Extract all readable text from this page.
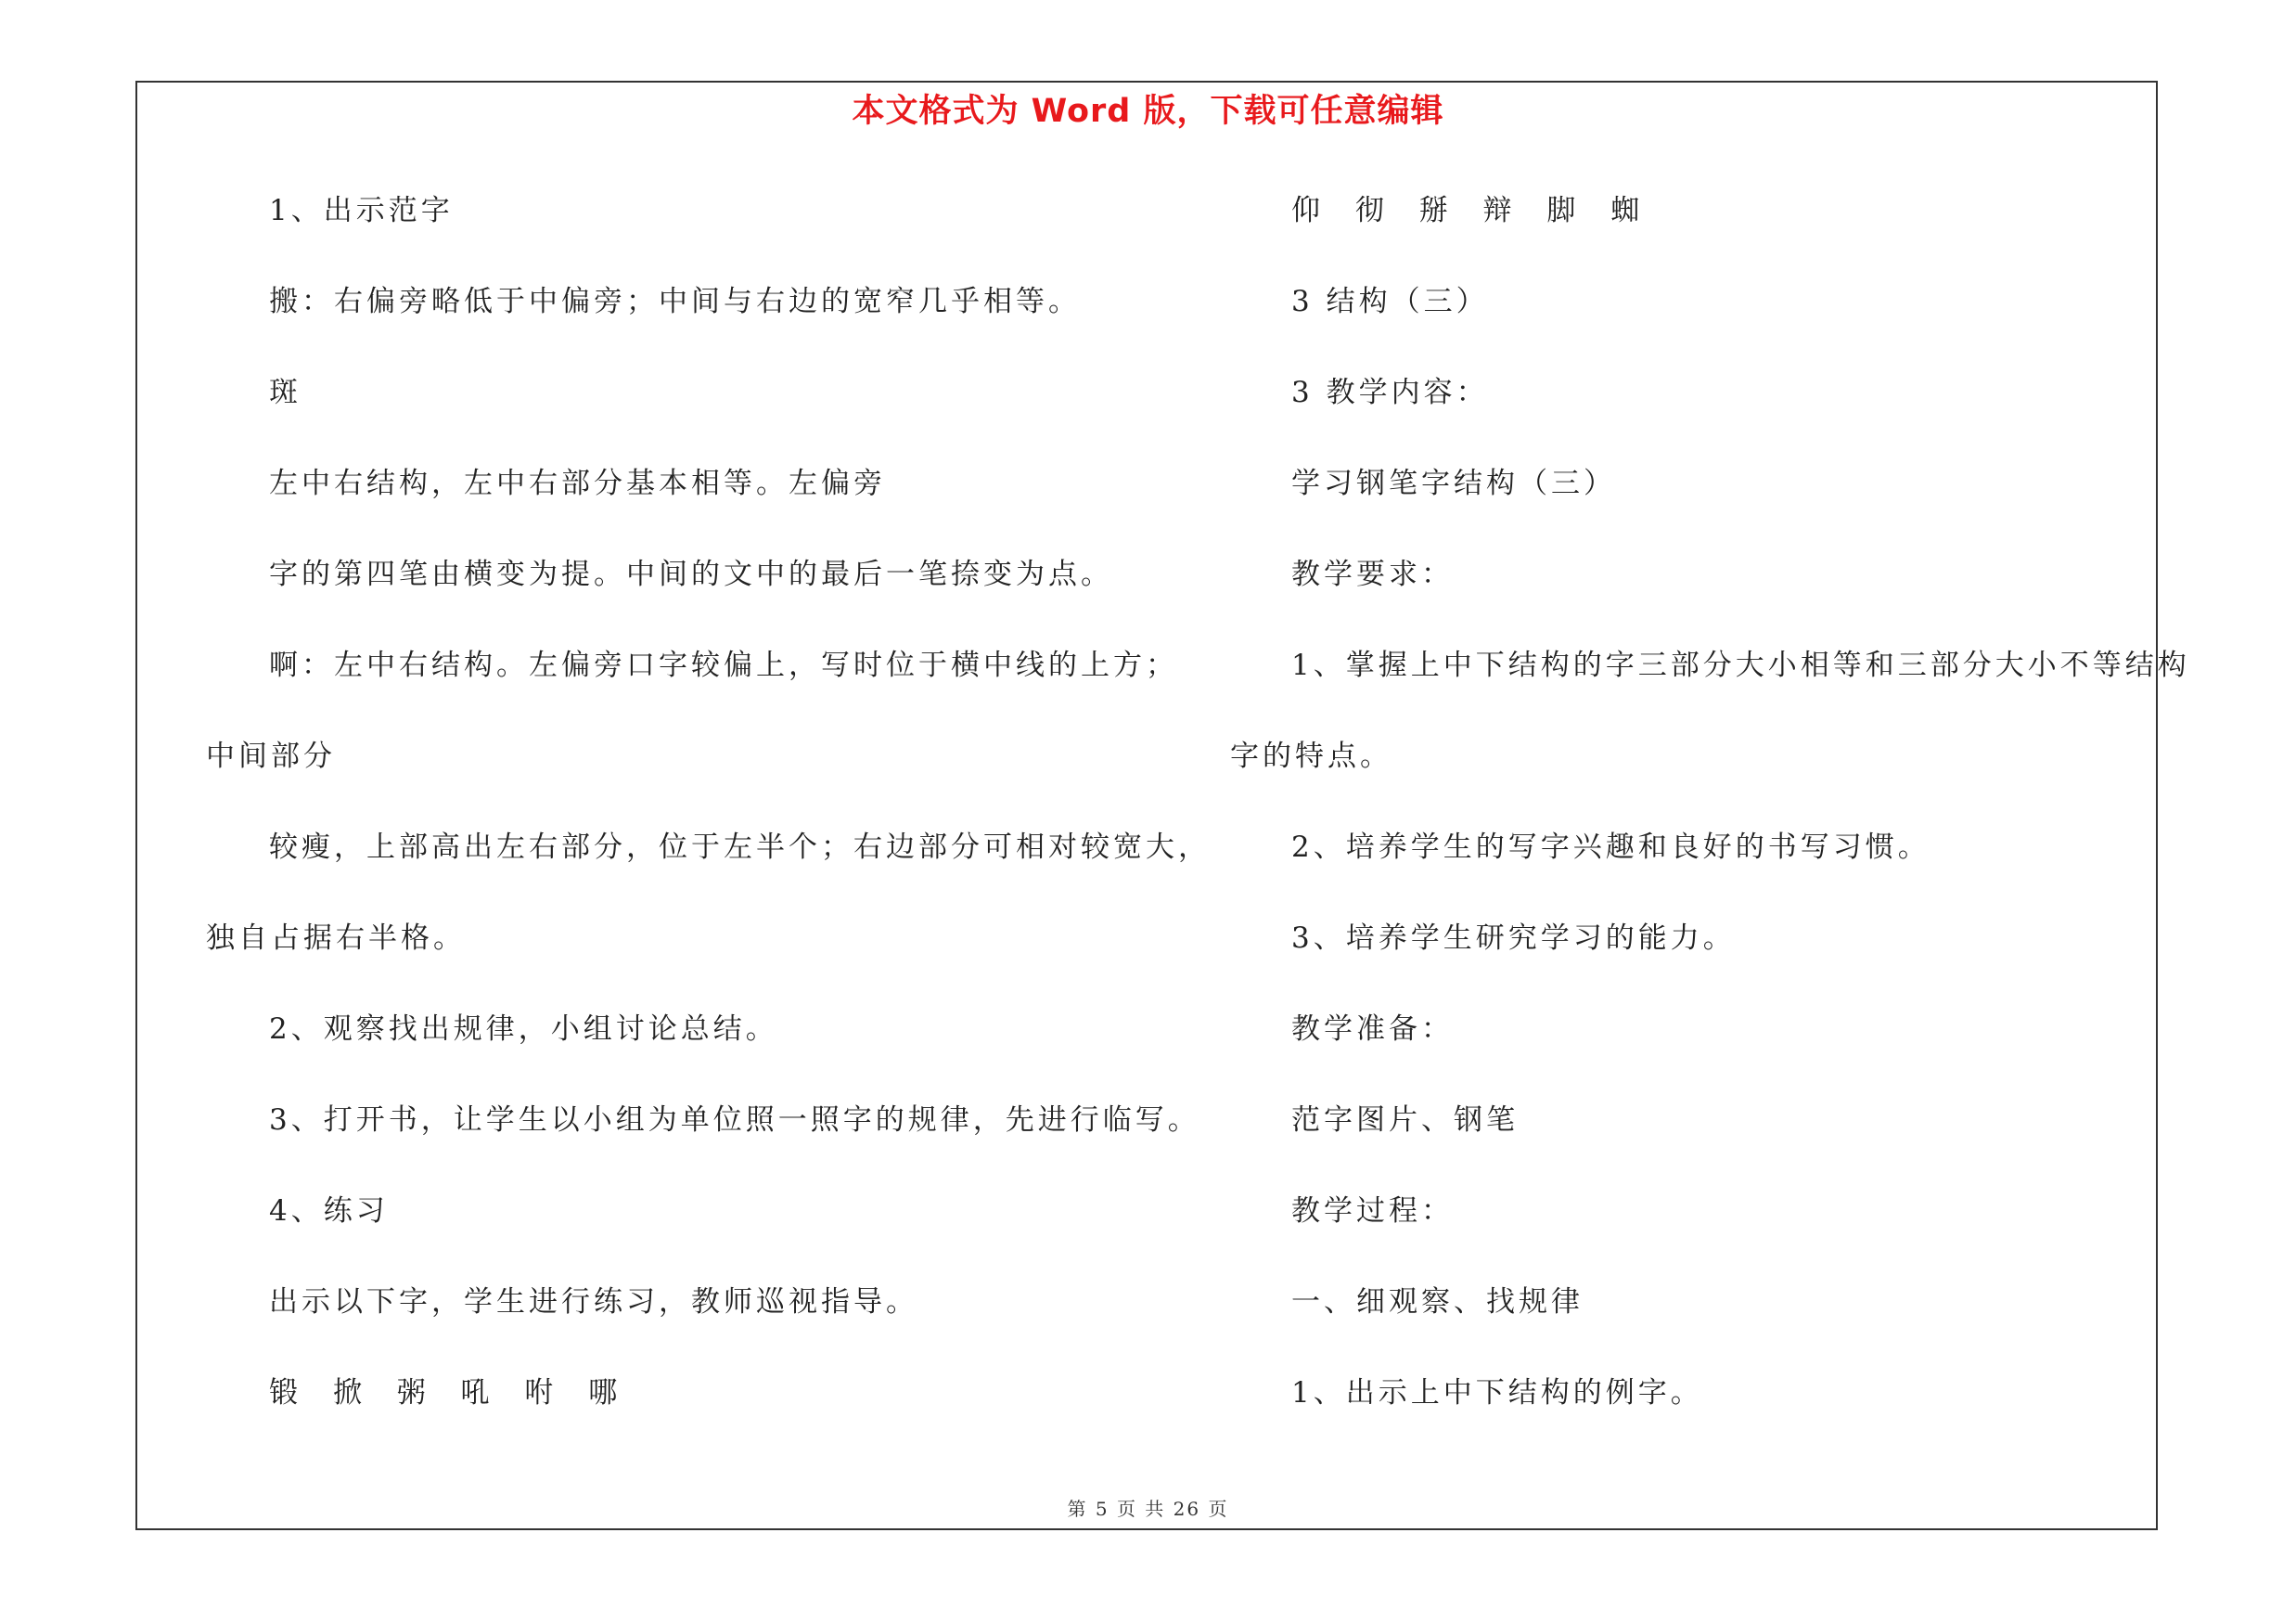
本文格式为 Word 版，下载可任意编辑
1、出示范字
搬：右偏旁略低于中偏旁；中间与右边的宽窄几乎相等。
斑
左中右结构，左中右部分基本相等。左偏旁
字的第四笔由横变为提。中间的文中的最后一笔捺变为点。
啊：左中右结构。左偏旁口字较偏上，写时位于横中线的上方；
中间部分
较瘦，上部高出左右部分，位于左半个；右边部分可相对较宽大，
独自占据右半格。
2、观察找出规律，小组讨论总结。
3、打开书，让学生以小组为单位照一照字的规律，先进行临写。
4、练习
出示以下字，学生进行练习，教师巡视指导。
锻 掀 粥 吼 咐 哪
仰 彻 掰 辩 脚 蜘
3 结构（三）
3 教学内容：
学习钢笔字结构（三）
教学要求：
1、掌握上中下结构的字三部分大小相等和三部分大小不等结构
字的特点。
2、培养学生的写字兴趣和良好的书写习惯。
3、培养学生研究学习的能力。
教学准备：
范字图片、钢笔
教学过程：
一、细观察、找规律
1、出示上中下结构的例字。
第 5 页 共 26 页
